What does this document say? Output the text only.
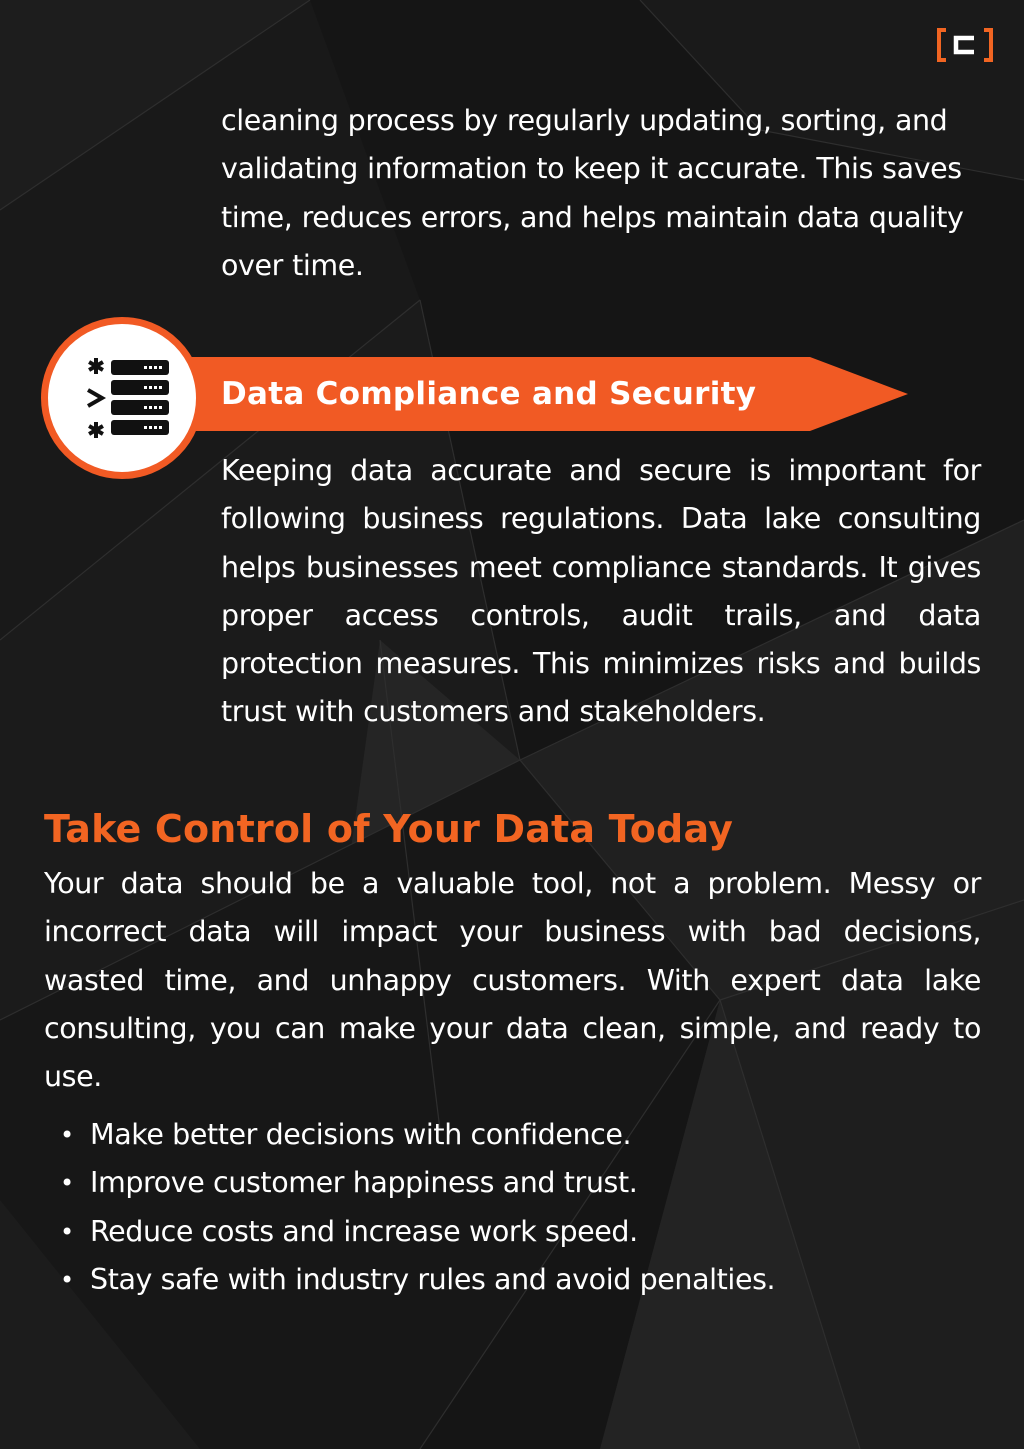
cleaning process by regularly updating, sorting, and validating information to keep it accurate. This saves time, reduces errors, and helps maintain data quality over time.

Data Compliance and Security

Keeping data accurate and secure is important for following business regulations. Data lake consulting helps businesses meet compliance standards. It gives proper access controls, audit trails, and data protection measures. This minimizes risks and builds trust with customers and stakeholders.

Take Control of Your Data Today

Your data should be a valuable tool, not a problem. Messy or incorrect data will impact your business with bad decisions, wasted time, and unhappy customers. With expert data lake consulting, you can make your data clean, simple, and ready to use.

• Make better decisions with confidence.
• Improve customer happiness and trust.
• Reduce costs and increase work speed.
• Stay safe with industry rules and avoid penalties.
